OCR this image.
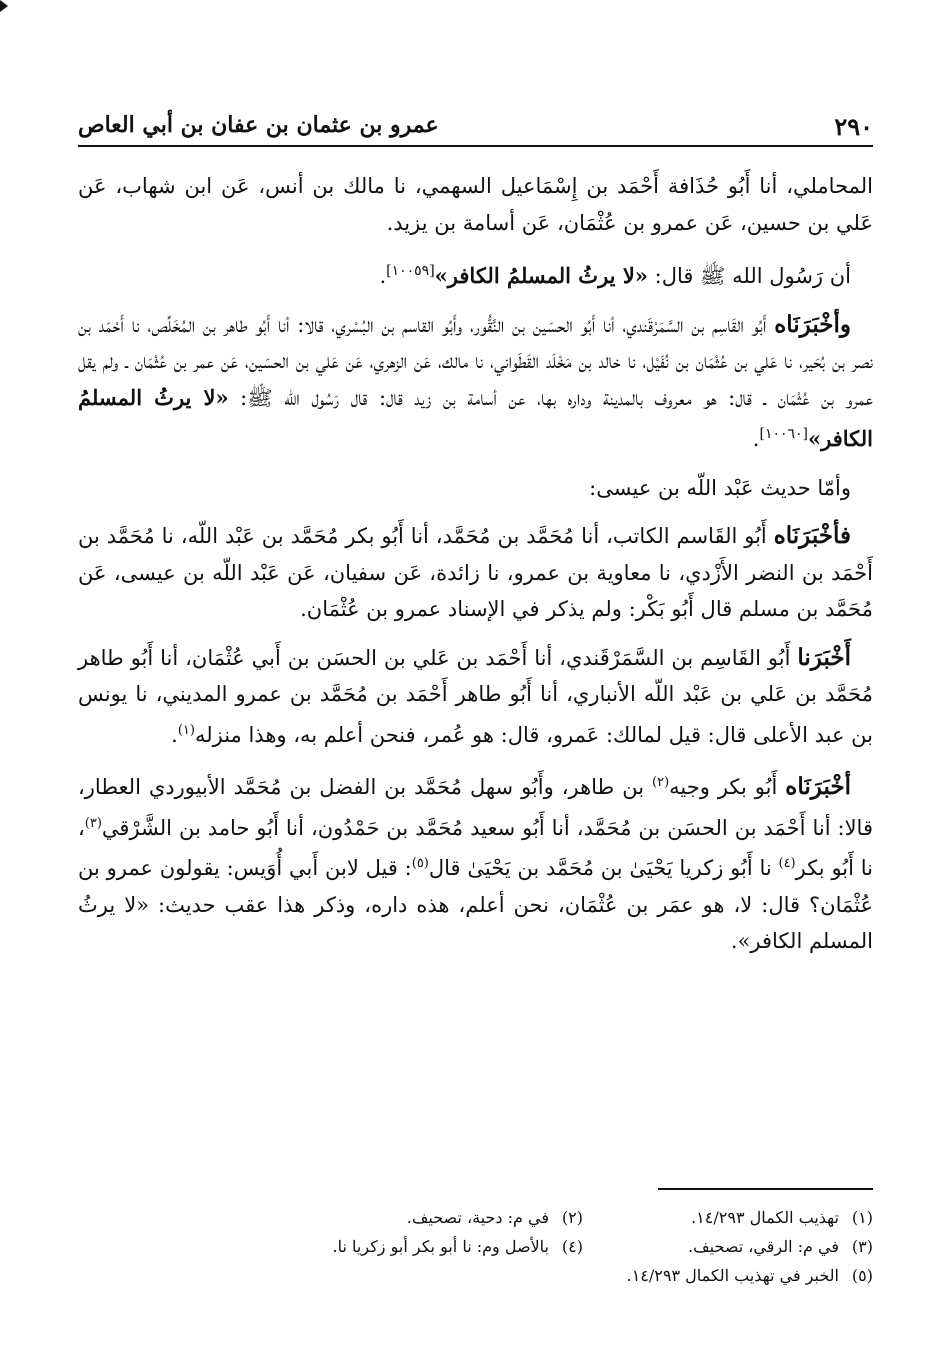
٢٩٠
عمرو بن عثمان بن عفان بن أبي العاص

المحاملي، أنا أَبُو حُذَافة أَحْمَد بن إِسْمَاعيل السهمي، نا مالك بن أنس، عَن ابن شهاب، عَن عَلي بن حسين، عَن عمرو بن عُثْمَان، عَن أسامة بن يزيد.

أن رَسُول الله ﷺ قال: «لا يرثُ المسلمُ الكافر»[١٠٠٥٩].

وأخْبَرَنَاه أَبُو القَاسِم بن السَّمَرْقَندي، أنا أَبُو الحسَين بن النَّقُّور، وأَبُو القاسم بن البُسْري، قالا: أنا أَبُو طاهر بن المُخَلِّص، نا أَحْمَد بن نصر بن بُحَير، نا عَلي بن عُثْمَان بن نُفَيْل، نا خالد بن مَخْلَد القَطَواني، نا مالك، عَن الزهري، عَن عَلي بن الحسَين، عَن عمر بن عُثْمَان ـ ولم يقل عمرو بن عُثْمَان ـ قال: هو معروف بالمدينة وداره بها، عن أسامة بن زيد قال: قال رَسُول الله ﷺ: «لا يرثُ المسلمُ الكافر»[١٠٠٦٠].

وأمّا حديث عَبْد اللّه بن عيسى:

فأخْبَرَنَاه أَبُو القَاسم الكاتب، أنا مُحَمَّد بن مُحَمَّد، أنا أَبُو بكر مُحَمَّد بن عَبْد اللّه، نا مُحَمَّد بن أَحْمَد بن النضر الأَزْدي، نا معاوية بن عمرو، نا زائدة، عَن سفيان، عَن عَبْد اللّه بن عيسى، عَن مُحَمَّد بن مسلم قال أَبُو بَكْر: ولم يذكر في الإسناد عمرو بن عُثْمَان.

أَخْبَرَنا أَبُو القَاسِم بن السَّمَرْقَندي، أنا أَحْمَد بن عَلي بن الحسَن بن أَبي عُثْمَان، أنا أَبُو طاهر مُحَمَّد بن عَلي بن عَبْد اللّه الأنباري، أنا أَبُو طاهر أَحْمَد بن مُحَمَّد بن عمرو المديني، نا يونس بن عبد الأعلى قال: قيل لمالك: عَمرو، قال: هو عُمر، فنحن أعلم به، وهذا منزله$^{(١)}$.

أخْبَرَنَاه أَبُو بكر وجيه$^{(٢)}$ بن طاهر، وأَبُو سهل مُحَمَّد بن الفضل بن مُحَمَّد الأبيوردي العطار، قالا: أنا أَحْمَد بن الحسَن بن مُحَمَّد، أنا أَبُو سعيد مُحَمَّد بن حَمْدُون، أنا أَبُو حامد بن الشَّرْقي$^{(٣)}$، نا أَبُو بكر$^{(٤)}$ نا أَبُو زكريا يَحْيَىٰ بن مُحَمَّد بن يَحْيَىٰ قال$^{(٥)}$: قيل لابن أَبي أُوَيس: يقولون عمرو بن عُثْمَان؟ قال: لا، هو عمَر بن عُثْمَان، نحن أعلم، هذه داره، وذكر هذا عقب حديث: «لا يرثُ المسلم الكافر».

(١)تهذيب الكمال ١٤/٢٩٣.
(٢)في م: دحية، تصحيف.
(٣)في م: الرقي، تصحيف.
(٤)بالأصل وم: نا أبو بكر أبو زكريا نا.
(٥)الخبر في تهذيب الكمال ١٤/٢٩٣.
